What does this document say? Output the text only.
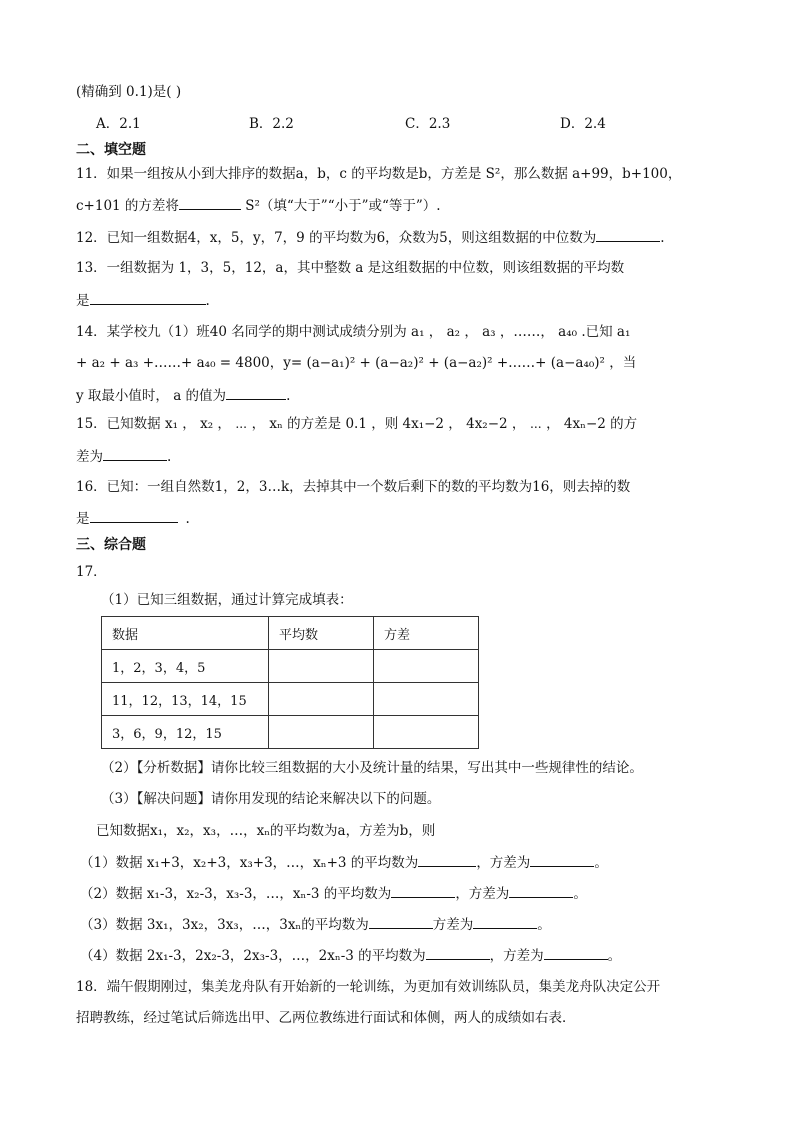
(精确到 0.1)是( )
A．2.1	B．2.2	C．2.3	D．2.4
二、填空题
11．如果一组按从小到大排序的数据a，b，c 的平均数是b，方差是 S²，那么数据 a+99，b+100，
c+101 的方差将	S²（填“大于”“小于”或“等于”）.
12．已知一组数据4，x，5，y，7，9 的平均数为6，众数为5，则这组数据的中位数为	.
13．一组数据为 1，3，5，12，a，其中整数 a 是这组数据的中位数，则该组数据的平均数
是	.
14．某学校九（1）班40 名同学的期中测试成绩分别为 a₁ ， a₂ ， a₃ ，……， a₄₀ .已知 a₁
+ a₂ + a₃ +……+ a₄₀ = 4800，y= (a−a₁)² + (a−a₂)² + (a−a₂)² +……+ (a−a₄₀)² ，当
y 取最小值时， a 的值为	.
15．已知数据 x₁ ， x₂ ， ⋯ ， xₙ 的方差是 0.1 ，则 4x₁−2 ， 4x₂−2 ， ⋯ ， 4xₙ−2 的方
差为	.
16．已知：一组自然数1，2，3…k，去掉其中一个数后剩下的数的平均数为16，则去掉的数
是	.
三、综合题
17．
（1）已知三组数据，通过计算完成填表：
数据	平均数	方差
1，2，3，4，5		
11，12，13，14，15		
3，6，9，12，15		
（2）【分析数据】请你比较三组数据的大小及统计量的结果，写出其中一些规律性的结论。
（3）【解决问题】请你用发现的结论来解决以下的问题。
已知数据x₁，x₂，x₃，…，xₙ的平均数为a，方差为b，则
（1）数据 x₁+3，x₂+3，x₃+3，…，xₙ+3 的平均数为	，方差为	。
（2）数据 x₁-3，x₂-3，x₃-3，…，xₙ-3 的平均数为	，方差为	。
（3）数据 3x₁，3x₂，3x₃，…，3xₙ的平均数为	方差为	。
（4）数据 2x₁-3，2x₂-3，2x₃-3，…，2xₙ-3 的平均数为	，方差为	。
18．端午假期刚过，集美龙舟队有开始新的一轮训练，为更加有效训练队员，集美龙舟队决定公开
招聘教练，经过笔试后筛选出甲、乙两位教练进行面试和体侧，两人的成绩如右表．
